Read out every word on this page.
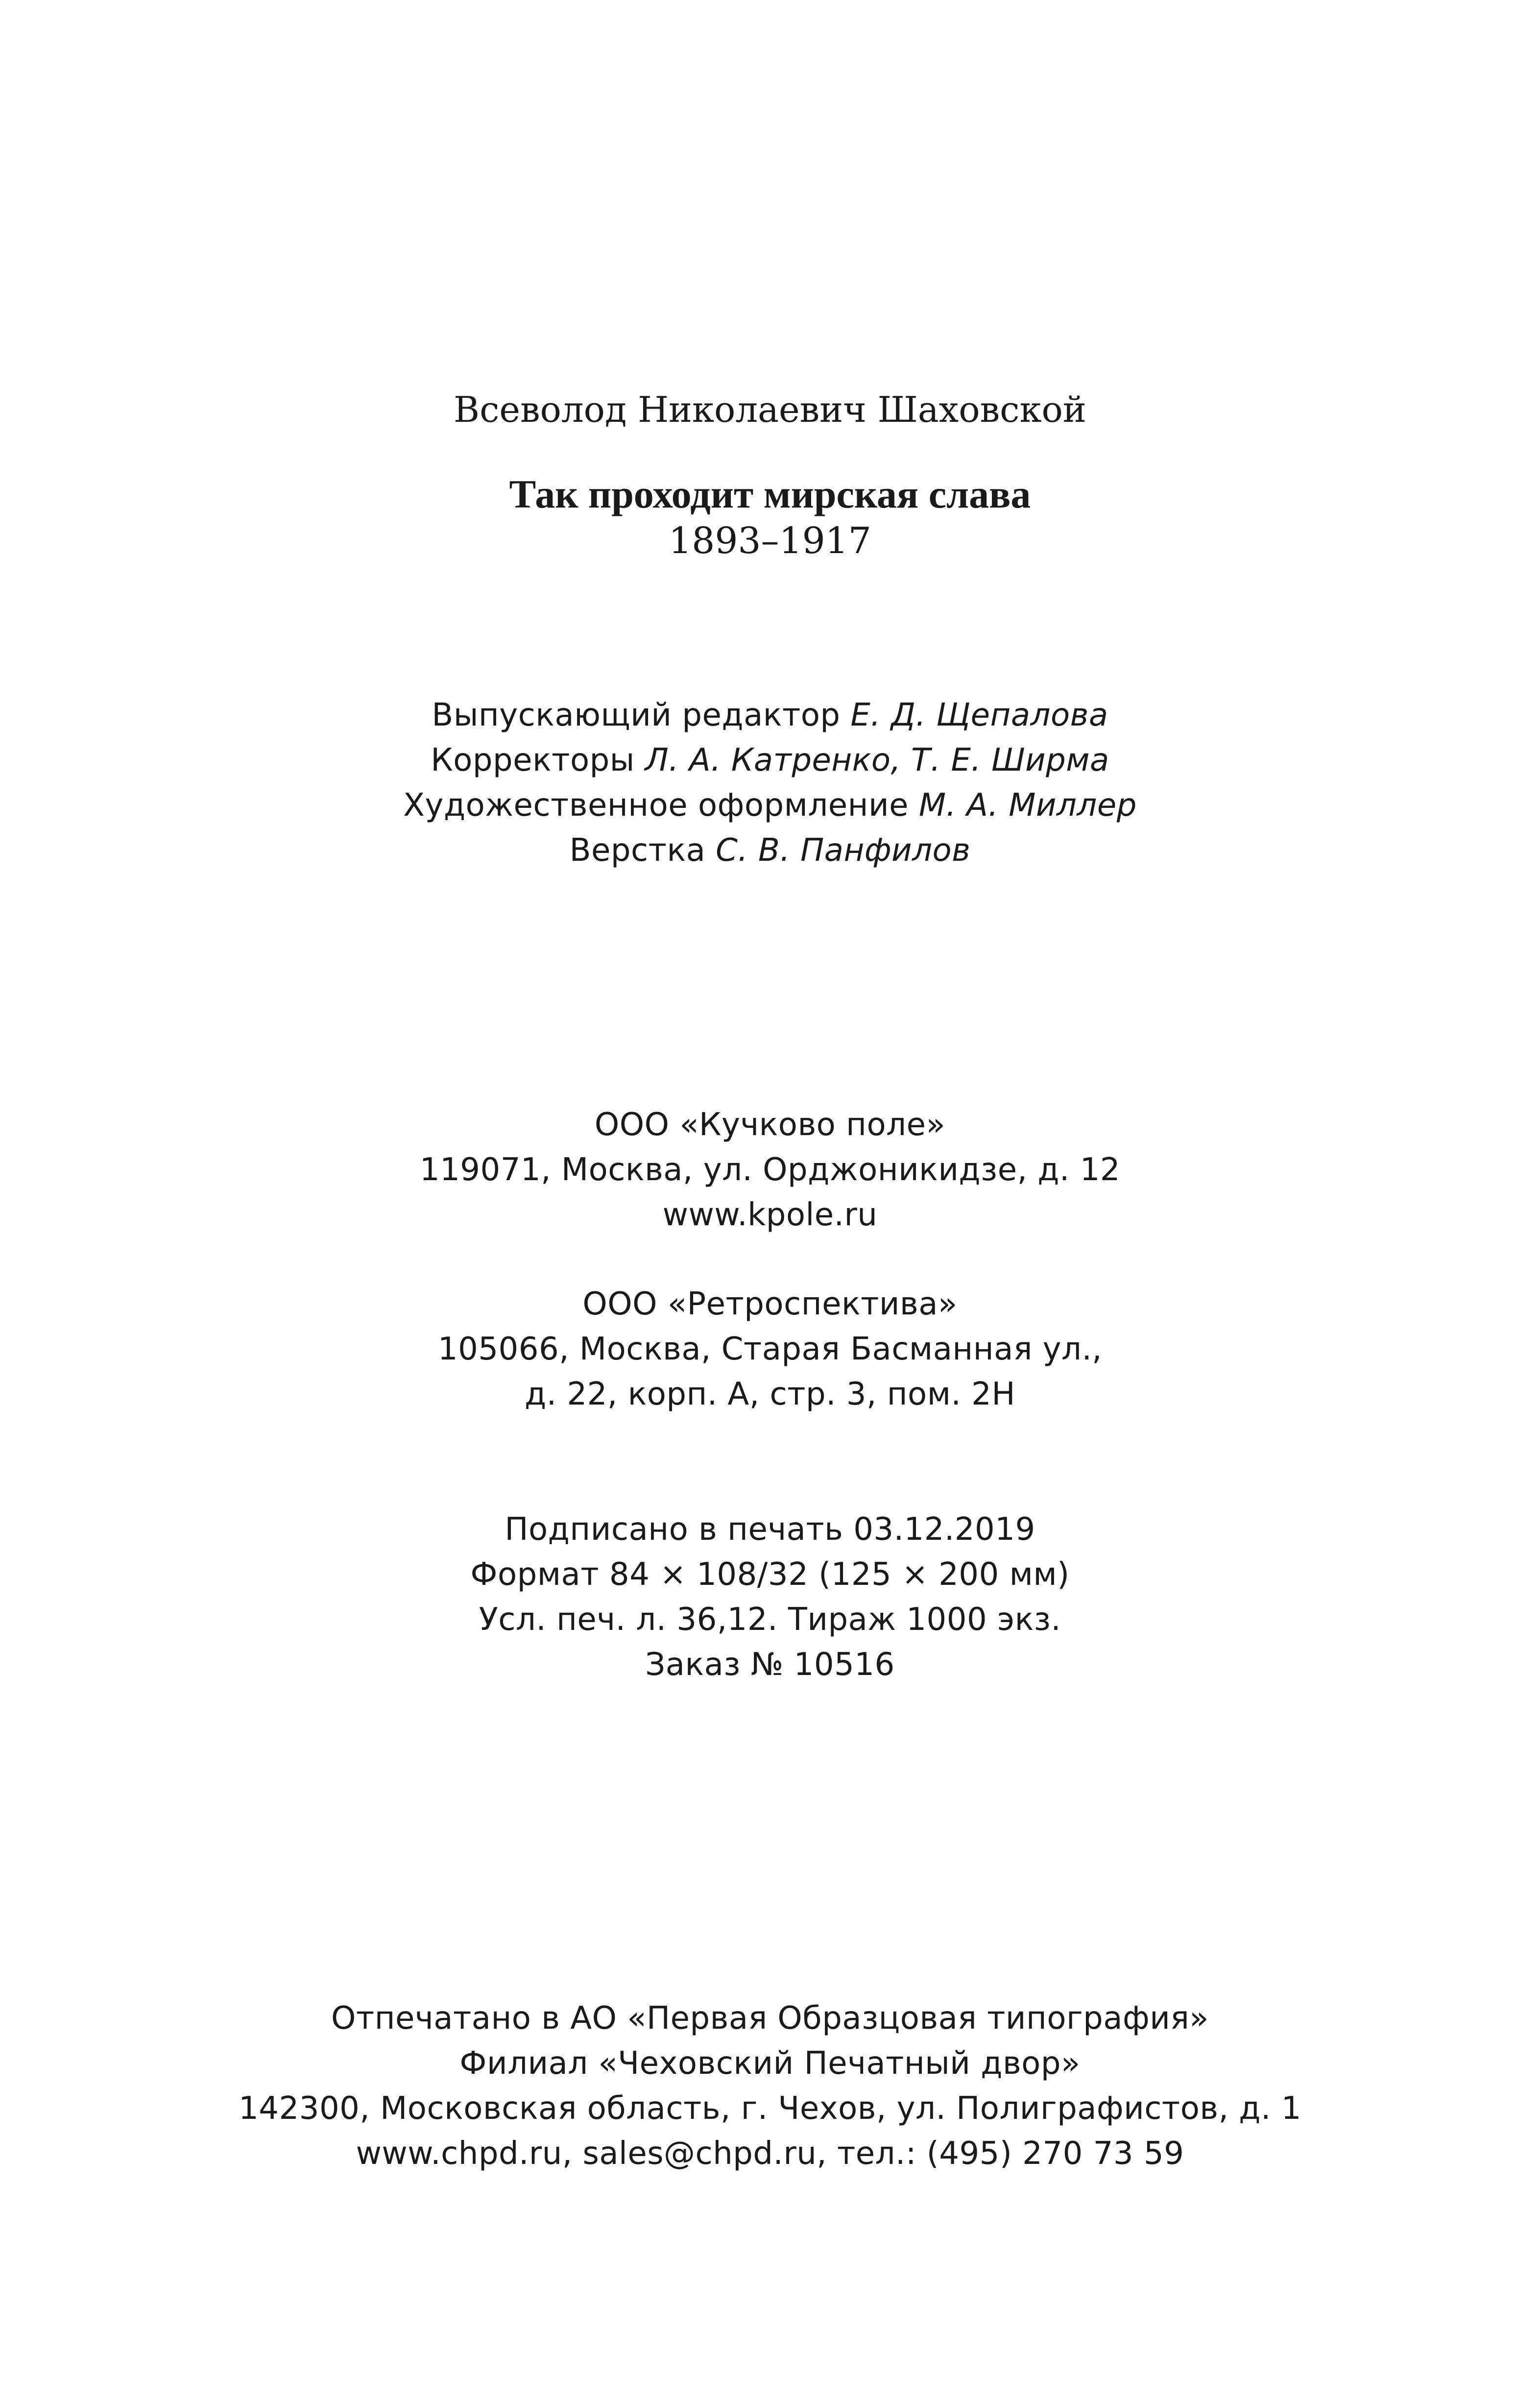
Всеволод Николаевич Шаховской
Так проходит мирская слава
1893–1917
Выпускающий редактор Е. Д. Щепалова
Корректоры Л. А. Катренко, Т. Е. Ширма
Художественное оформление М. А. Миллер
Верстка С. В. Панфилов
ООО «Кучково поле»
119071, Москва, ул. Орджоникидзе, д. 12
www.kpole.ru
ООО «Ретроспектива»
105066, Москва, Старая Басманная ул.,
д. 22, корп. А, стр. 3, пом. 2Н
Подписано в печать 03.12.2019
Формат 84 × 108/32 (125 × 200 мм)
Усл. печ. л. 36,12. Тираж 1000 экз.
Заказ № 10516
Отпечатано в АО «Первая Образцовая типография»
Филиал «Чеховский Печатный двор»
142300, Московская область, г. Чехов, ул. Полиграфистов, д. 1
www.chpd.ru, sales@chpd.ru, тел.: (495) 270 73 59
